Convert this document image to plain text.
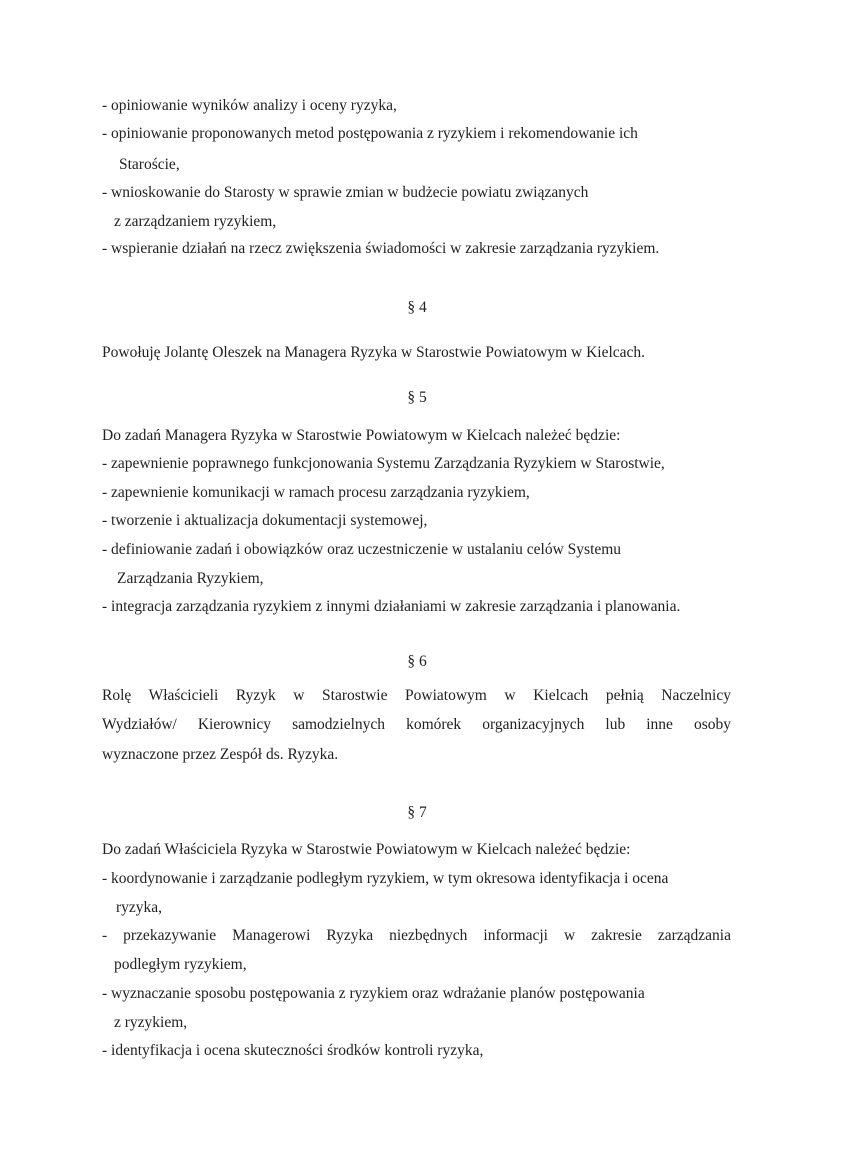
- opiniowanie wyników analizy i oceny ryzyka,
- opiniowanie proponowanych metod postępowania z ryzykiem i rekomendowanie ich
Staroście,
- wnioskowanie do Starosty w sprawie zmian w budżecie powiatu związanych
z zarządzaniem ryzykiem,
- wspieranie działań na rzecz zwiększenia świadomości w zakresie zarządzania ryzykiem.
§ 4
Powołuję Jolantę Oleszek na Managera Ryzyka w Starostwie Powiatowym w Kielcach.
§ 5
Do zadań Managera Ryzyka w Starostwie Powiatowym w Kielcach należeć będzie:
- zapewnienie poprawnego funkcjonowania Systemu Zarządzania Ryzykiem w Starostwie,
- zapewnienie komunikacji w ramach procesu zarządzania ryzykiem,
- tworzenie i aktualizacja dokumentacji systemowej,
- definiowanie zadań i obowiązków oraz uczestniczenie w ustalaniu celów Systemu
Zarządzania Ryzykiem,
- integracja zarządzania ryzykiem z innymi działaniami w zakresie zarządzania i planowania.
§ 6
Rolę Właścicieli Ryzyk w Starostwie Powiatowym w Kielcach pełnią Naczelnicy
Wydziałów/ Kierownicy samodzielnych komórek organizacyjnych lub inne osoby
wyznaczone przez Zespół ds. Ryzyka.
§ 7
Do zadań Właściciela Ryzyka w Starostwie Powiatowym w Kielcach należeć będzie:
- koordynowanie i zarządzanie podległym ryzykiem, w tym okresowa identyfikacja i ocena
ryzyka,
- przekazywanie Managerowi Ryzyka niezbędnych informacji w zakresie zarządzania
podległym ryzykiem,
- wyznaczanie sposobu postępowania z ryzykiem oraz wdrażanie planów postępowania
z ryzykiem,
- identyfikacja i ocena skuteczności środków kontroli ryzyka,
